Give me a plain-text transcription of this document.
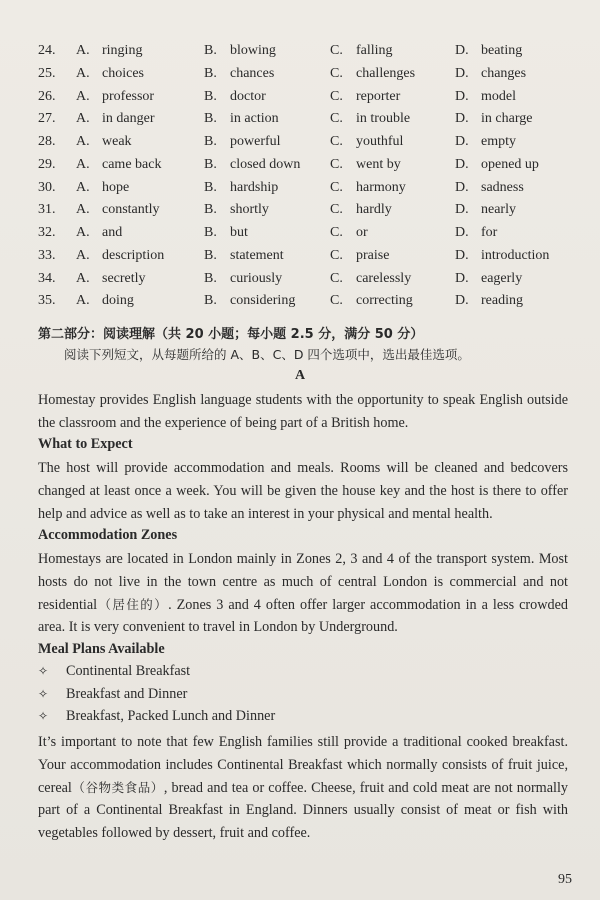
24.	A. ringing	B. blowing	C. falling	D. beating
25.	A. choices	B. chances	C. challenges	D. changes
26.	A. professor	B. doctor	C. reporter	D. model
27.	A. in danger	B. in action	C. in trouble	D. in charge
28.	A. weak	B. powerful	C. youthful	D. empty
29.	A. came back	B. closed down C. went by	D. opened up
30.	A. hope	B. hardship	C. harmony	D. sadness
31.	A. constantly	B. shortly	C. hardly	D. nearly
32.	A. and	B. but	C. or	D. for
33.	A. description	B. statement	C. praise	D. introduction
34.	A. secretly	B. curiously	C. carelessly	D. eagerly
35.	A. doing	B. considering C. correcting	D. reading
第二部分：阅读理解（共 20 小题；每小题 2.5 分，满分 50 分）
阅读下列短文，从每题所给的 A、B、C、D 四个选项中，选出最佳选项。
A
Homestay provides English language students with the opportunity to speak English outside the classroom and the experience of being part of a British home.
What to Expect
The host will provide accommodation and meals. Rooms will be cleaned and bedcovers changed at least once a week. You will be given the house key and the host is there to offer help and advice as well as to take an interest in your physical and mental health.
Accommodation Zones
Homestays are located in London mainly in Zones 2, 3 and 4 of the transport system. Most hosts do not live in the town centre as much of central London is commercial and not residential（居住的）. Zones 3 and 4 often offer larger accommodation in a less crowded area. It is very convenient to travel in London by Underground.
Meal Plans Available
✧ Continental Breakfast
✧ Breakfast and Dinner
✧ Breakfast, Packed Lunch and Dinner
It’s important to note that few English families still provide a traditional cooked breakfast. Your accommodation includes Continental Breakfast which normally consists of fruit juice, cereal（谷物类食品）, bread and tea or coffee. Cheese, fruit and cold meat are not normally part of a Continental Breakfast in England. Dinners usually consist of meat or fish with vegetables followed by dessert, fruit and coffee.
95
